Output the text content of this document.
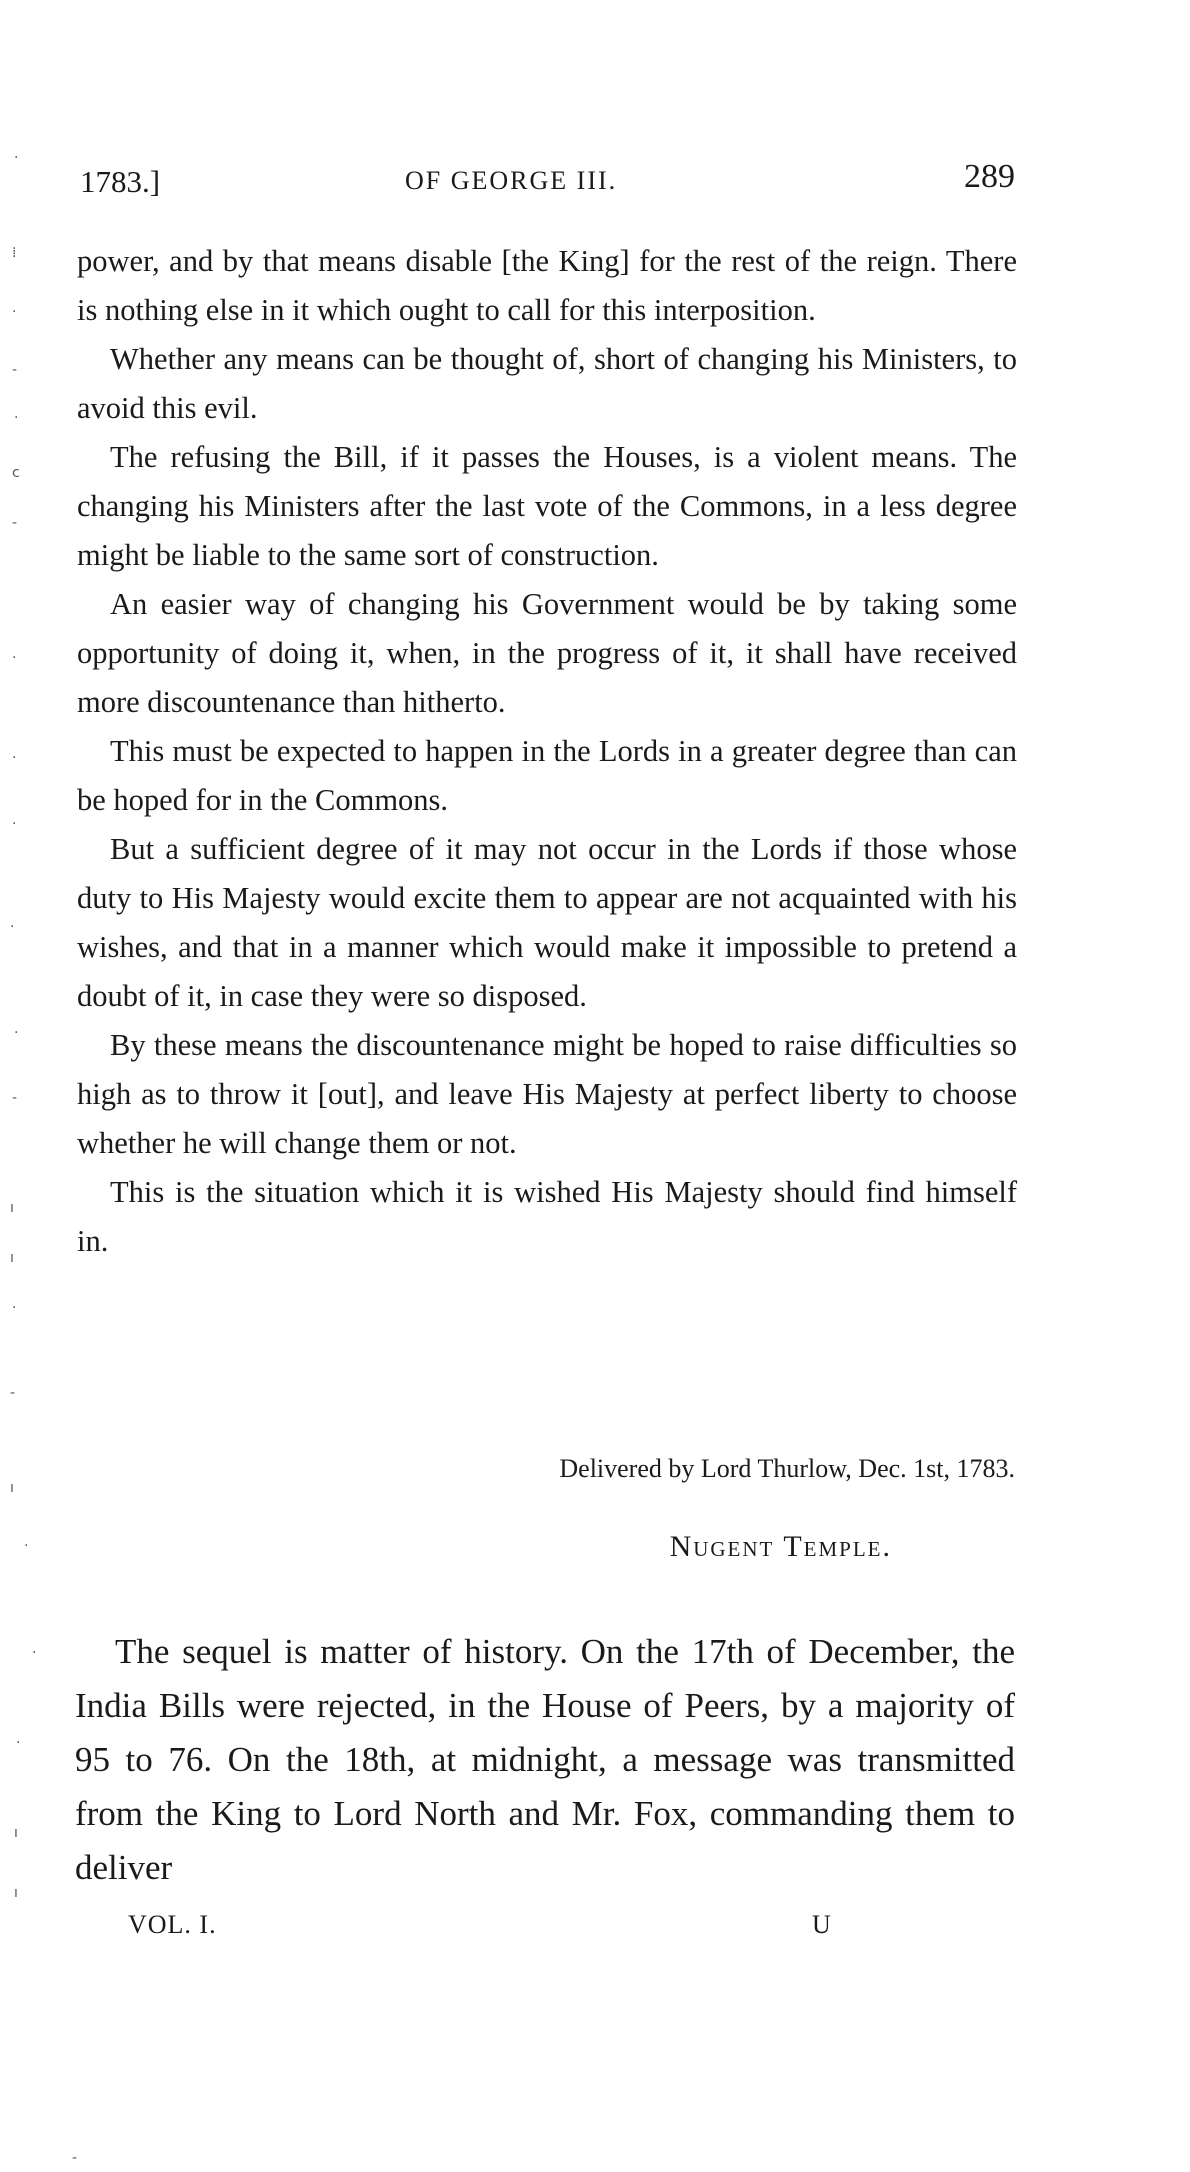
·
⁞
.
-
·
c
-
·
·
.
.
·
-
ı
ı
·
-
ı
·
·
·
ı
ı
-
1783.]	OF GEORGE III.	289

power, and by that means disable [the King] for the rest of the reign. There is nothing else in it which ought to call for this interposition.

Whether any means can be thought of, short of changing his Ministers, to avoid this evil.

The refusing the Bill, if it passes the Houses, is a violent means. The changing his Ministers after the last vote of the Commons, in a less degree might be liable to the same sort of construction.

An easier way of changing his Government would be by taking some opportunity of doing it, when, in the progress of it, it shall have received more discountenance than hitherto.

This must be expected to happen in the Lords in a greater degree than can be hoped for in the Commons.

But a sufficient degree of it may not occur in the Lords if those whose duty to His Majesty would excite them to appear are not acquainted with his wishes, and that in a manner which would make it impossible to pretend a doubt of it, in case they were so disposed.

By these means the discountenance might be hoped to raise difficulties so high as to throw it [out], and leave His Majesty at perfect liberty to choose whether he will change them or not.

This is the situation which it is wished His Majesty should find himself in.

Delivered by Lord Thurlow, Dec. 1st, 1783.
Nugent Temple.

The sequel is matter of history. On the 17th of December, the India Bills were rejected, in the House of Peers, by a majority of 95 to 76. On the 18th, at midnight, a message was transmitted from the King to Lord North and Mr. Fox, commanding them to deliver

VOL. I.	U
